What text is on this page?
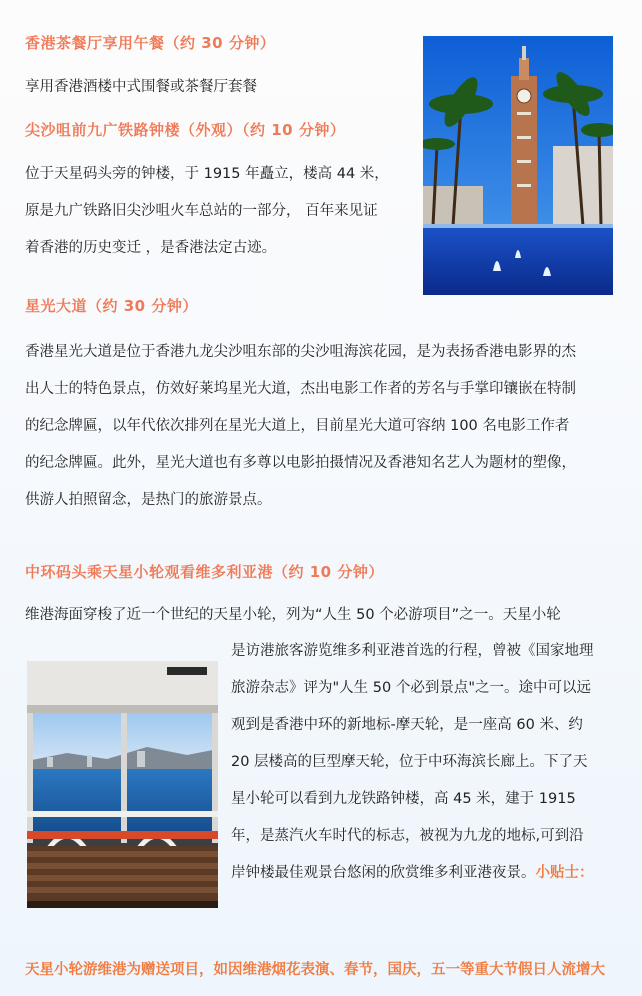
香港茶餐厅享用午餐（约 30 分钟）

享用香港酒楼中式围餐或茶餐厅套餐

尖沙咀前九广铁路钟楼（外观）（约 10 分钟）

位于天星码头旁的钟楼，于 1915 年矗立，楼高 44 米，

原是九广铁路旧尖沙咀火车总站的一部分， 百年来见证

着香港的历史变迁 ，是香港法定古迹。

星光大道（约 30 分钟）

香港星光大道是位于香港九龙尖沙咀东部的尖沙咀海滨花园，是为表扬香港电影界的杰

出人士的特色景点，仿效好莱坞星光大道，杰出电影工作者的芳名与手掌印镶嵌在特制

的纪念牌匾，以年代依次排列在星光大道上，目前星光大道可容纳 100 名电影工作者

的纪念牌匾。此外，星光大道也有多尊以电影拍摄情况及香港知名艺人为题材的塑像，

供游人拍照留念，是热门的旅游景点。

中环码头乘天星小轮观看维多利亚港（约 10 分钟）

维港海面穿梭了近一个世纪的天星小轮，列为“人生 50 个必游项目”之一。天星小轮

是访港旅客游览维多利亚港首选的行程，曾被《国家地理

旅游杂志》评为"人生 50 个必到景点"之一。途中可以远

观到是香港中环的新地标-摩天轮，是一座高 60 米、约

20 层楼高的巨型摩天轮，位于中环海滨长廊上。下了天

星小轮可以看到九龙铁路钟楼，高 45 米，建于 1915

年，是蒸汽火车时代的标志，被视为九龙的地标,可到沿

岸钟楼最佳观景台悠闲的欣赏维多利亚港夜景。小贴士：

天星小轮游维港为赠送项目，如因维港烟花表演、春节，国庆，五一等重大节假日人流增大
